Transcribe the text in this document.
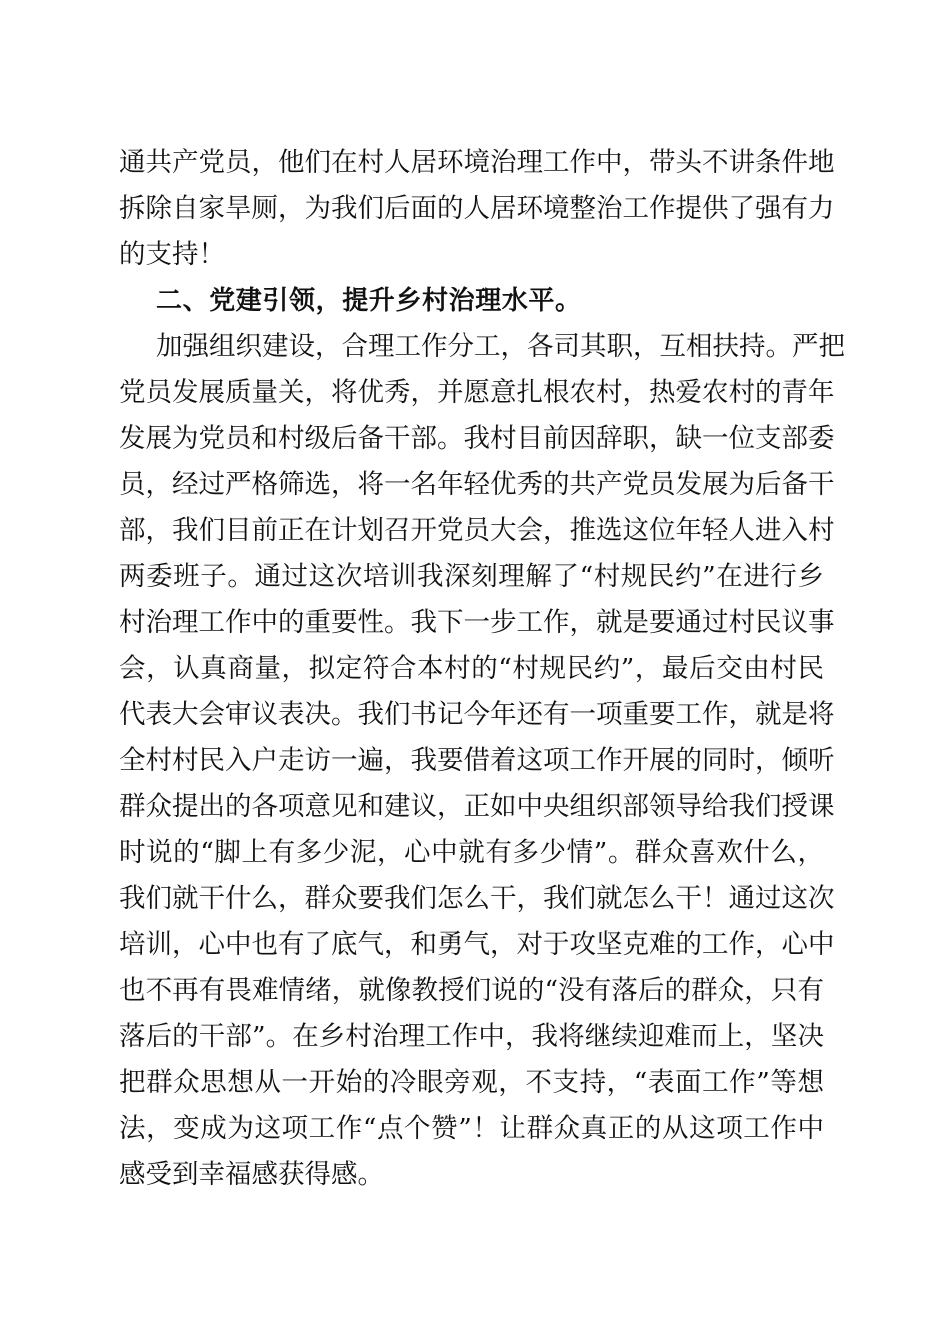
通共产党员，他们在村人居环境治理工作中，带头不讲条件地

拆除自家旱厕，为我们后面的人居环境整治工作提供了强有力

的支持！

二、党建引领，提升乡村治理水平。

加强组织建设，合理工作分工，各司其职，互相扶持。严把

党员发展质量关，将优秀，并愿意扎根农村，热爱农村的青年

发展为党员和村级后备干部。我村目前因辞职，缺一位支部委

员，经过严格筛选，将一名年轻优秀的共产党员发展为后备干

部，我们目前正在计划召开党员大会，推选这位年轻人进入村

两委班子。通过这次培训我深刻理解了“村规民约”在进行乡

村治理工作中的重要性。我下一步工作，就是要通过村民议事

会，认真商量，拟定符合本村的“村规民约”，最后交由村民

代表大会审议表决。我们书记今年还有一项重要工作，就是将

全村村民入户走访一遍，我要借着这项工作开展的同时，倾听

群众提出的各项意见和建议，正如中央组织部领导给我们授课

时说的“脚上有多少泥，心中就有多少情”。群众喜欢什么，

我们就干什么，群众要我们怎么干，我们就怎么干！通过这次

培训，心中也有了底气，和勇气，对于攻坚克难的工作，心中

也不再有畏难情绪，就像教授们说的“没有落后的群众，只有

落后的干部”。在乡村治理工作中，我将继续迎难而上，坚决

把群众思想从一开始的冷眼旁观，不支持，“表面工作”等想

法，变成为这项工作“点个赞”！让群众真正的从这项工作中

感受到幸福感获得感。
